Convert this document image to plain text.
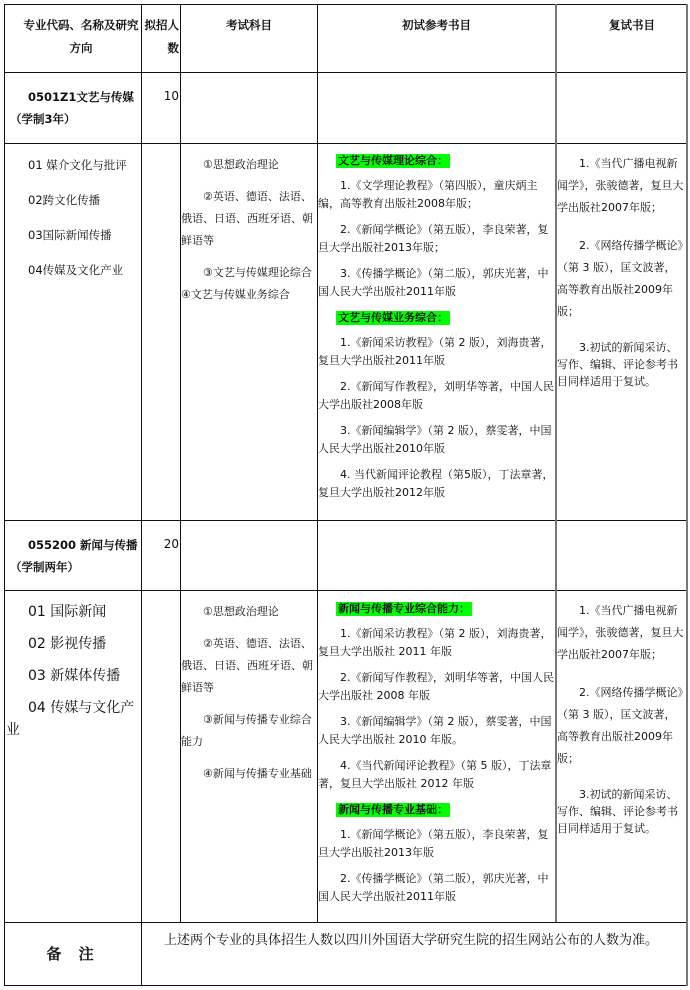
专业代码、名称及研究方向
拟招人数
考试科目	初试参考书目	复试书目
0501Z1文艺与传媒
（学制3年）
10

01 媒介文化与批评

02跨文化传播

03国际新闻传播

04传媒及文化产业

①思想政治理论

②英语、德语、法语、俄语、日语、西班牙语、朝鲜语等

③文艺与传媒理论综合④文艺与传媒业务综合

文艺与传媒理论综合：

1.《文学理论教程》（第四版），童庆炳主编，高等教育出版社2008年版；

2.《新闻学概论》（第五版），李良荣著，复旦大学出版社2013年版；

3.《传播学概论》（第二版），郭庆光著，中国人民大学出版社2011年版

文艺与传媒业务综合：

1.《新闻采访教程》（第 2 版），刘海贵著，复旦大学出版社2011年版

2.《新闻写作教程》，刘明华等著，中国人民大学出版社2008年版

3.《新闻编辑学》（第 2 版），蔡雯著，中国人民大学出版社2010年版

4. 当代新闻评论教程（第5版），丁法章著，复旦大学出版社2012年版

1.《当代广播电视新闻学》，张骏德著，复旦大学出版社2007年版；

2.《网络传播学概论》（第 3 版），匡文波著，高等教育出版社2009年版；

3.初试的新闻采访、写作、编辑、评论参考书目同样适用于复试。

055200 新闻与传播
（学制两年）
20

01 国际新闻

02 影视传播

03 新媒体传播

04 传媒与文化产业

①思想政治理论

②英语、德语、法语、俄语、日语、西班牙语、朝鲜语等

③新闻与传播专业综合能力

④新闻与传播专业基础

新闻与传播专业综合能力：

1.《新闻采访教程》（第 2 版），刘海贵著，复旦大学出版社 2011 年版

2.《新闻写作教程》，刘明华等著，中国人民大学出版社 2008 年版

3.《新闻编辑学》（第 2 版），蔡雯著，中国人民大学出版社 2010 年版。

4.《当代新闻评论教程》（第 5 版），丁法章著，复旦大学出版社 2012 年版

新闻与传播专业基础：

1.《新闻学概论》（第五版），李良荣著，复旦大学出版社2013年版

2.《传播学概论》（第二版），郭庆光著，中国人民大学出版社2011年版

1.《当代广播电视新闻学》，张骏德著，复旦大学出版社2007年版；

2.《网络传播学概论》（第 3 版），匡文波著，高等教育出版社2009年版；

3.初试的新闻采访、写作、编辑、评论参考书目同样适用于复试。

备 注
上述两个专业的具体招生人数以四川外国语大学研究生院的招生网站公布的人数为准。
